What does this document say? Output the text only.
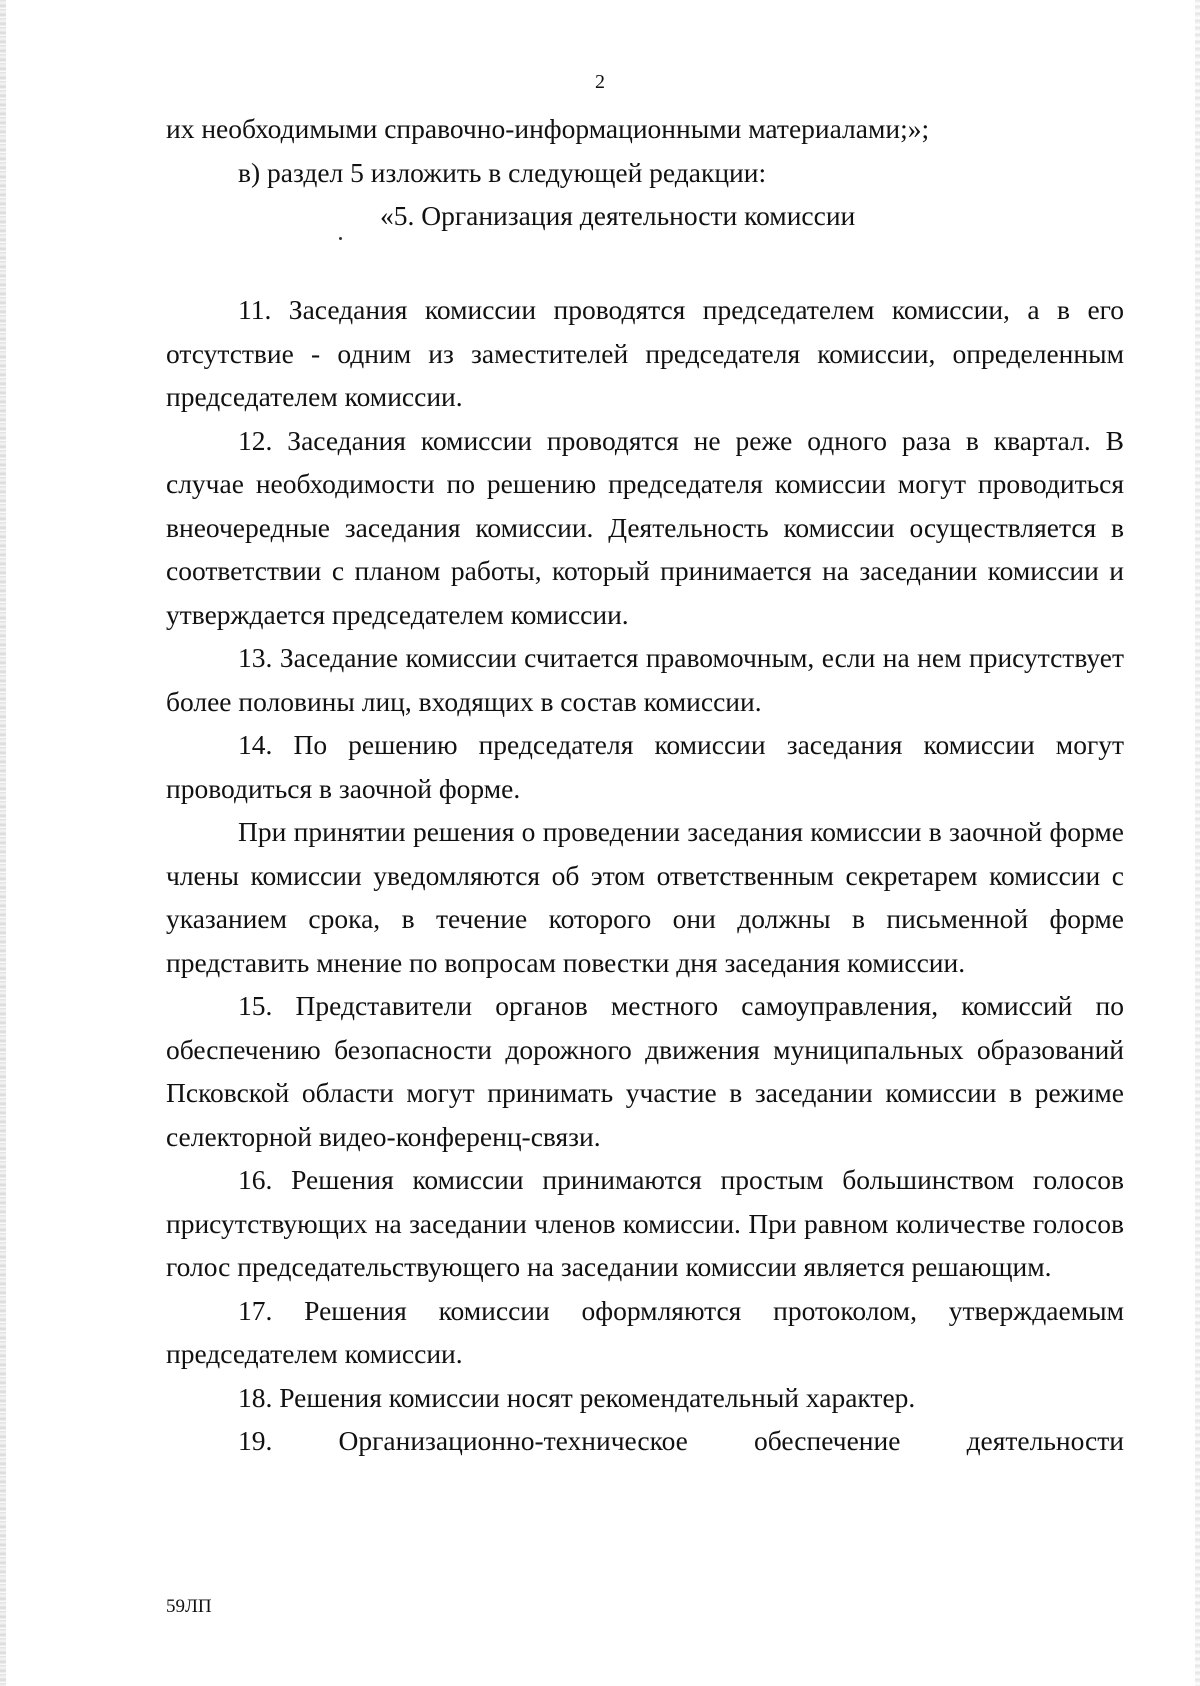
2

их необходимыми справочно-информационными материалами;»;

в) раздел 5 изложить в следующей редакции:

«5. Организация деятельности комиссии

11. Заседания комиссии проводятся председателем комиссии, а в его отсутствие - одним из заместителей председателя комиссии, определенным председателем комиссии.

12. Заседания комиссии проводятся не реже одного раза в квартал. В случае необходимости по решению председателя комиссии могут проводиться внеочередные заседания комиссии. Деятельность комиссии осуществляется в соответствии с планом работы, который принимается на заседании комиссии и утверждается председателем комиссии.

13. Заседание комиссии считается правомочным, если на нем присутствует более половины лиц, входящих в состав комиссии.

14. По решению председателя комиссии заседания комиссии могут проводиться в заочной форме.

При принятии решения о проведении заседания комиссии в заочной форме члены комиссии уведомляются об этом ответственным секретарем комиссии с указанием срока, в течение которого они должны в письменной форме представить мнение по вопросам повестки дня заседания комиссии.

15. Представители органов местного самоуправления, комиссий по обеспечению безопасности дорожного движения муниципальных образований Псковской области могут принимать участие в заседании комиссии в режиме селекторной видео-конференц-связи.

16. Решения комиссии принимаются простым большинством голосов присутствующих на заседании членов комиссии. При равном количестве голосов голос председательствующего на заседании комиссии является решающим.

17. Решения комиссии оформляются протоколом, утверждаемым председателем комиссии.

18. Решения комиссии носят рекомендательный характер.

19. Организационно-техническое обеспечение деятельности

59ЛП
